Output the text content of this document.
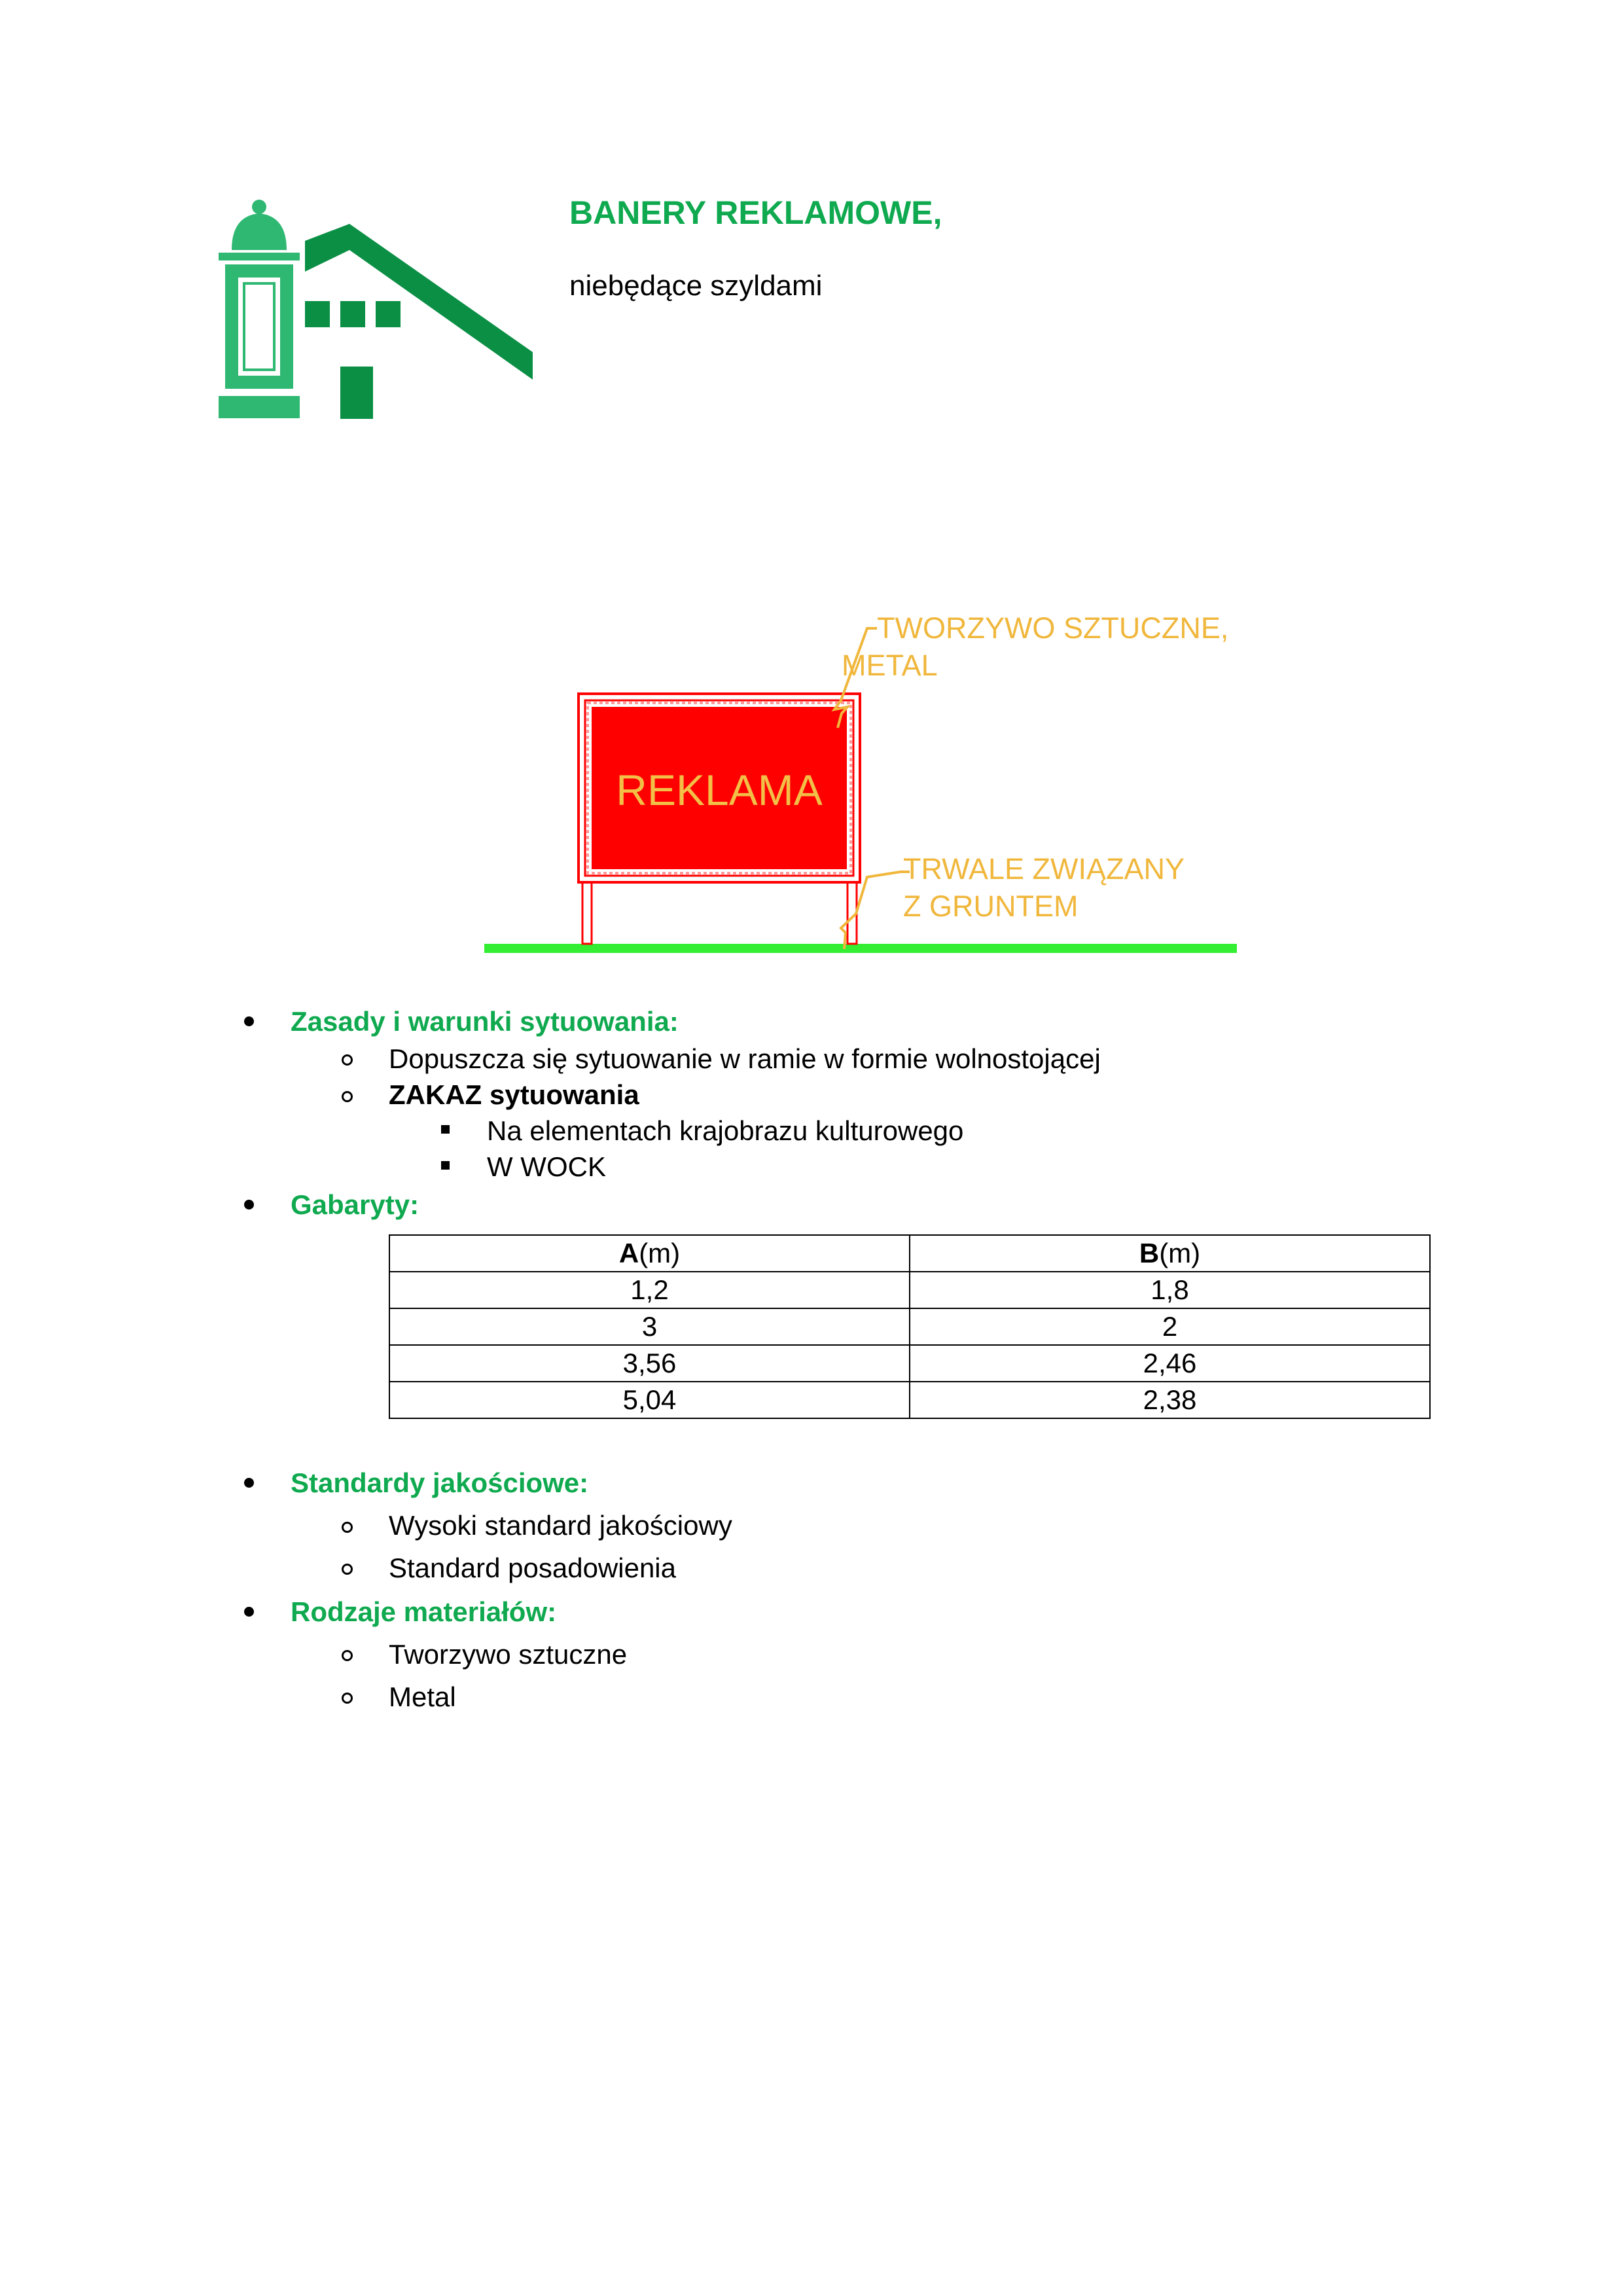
BANERY REKLAMOWE,
niebędące szyldami
REKLAMA
TWORZYWO SZTUCZNE,
METAL
TRWALE ZWIĄZANY
Z GRUNTEM
Zasady i warunki sytuowania:
Dopuszcza się sytuowanie w ramie w formie wolnostojącej
ZAKAZ sytuowania
Na elementach krajobrazu kulturowego
W WOCK
Gabaryty:
A(m)	B(m)
1,2	1,8
3	2
3,56	2,46
5,04	2,38
Standardy jakościowe:
Wysoki standard jakościowy
Standard posadowienia
Rodzaje materiałów:
Tworzywo sztuczne
Metal
